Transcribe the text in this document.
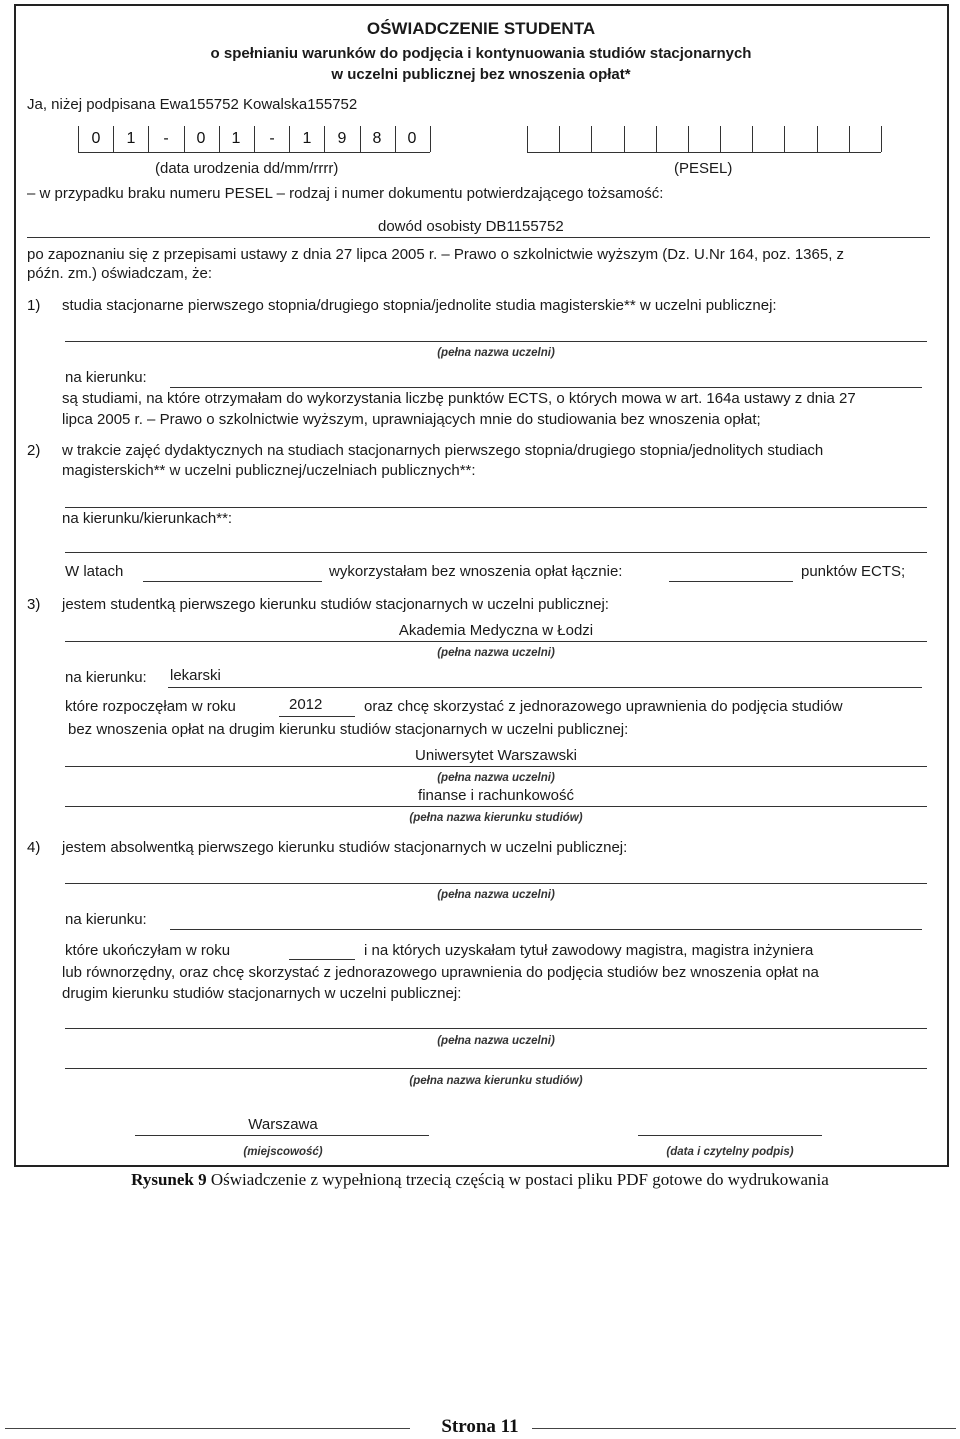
OŚWIADCZENIE STUDENTA
o spełnianiu warunków do podjęcia i kontynuowania studiów stacjonarnych
w uczelni publicznej bez wnoszenia opłat*
Ja, niżej podpisana Ewa155752 Kowalska155752
0	1	-	0	1	-	1	9	8	0
(data urodzenia dd/mm/rrrr)	(PESEL)
– w przypadku braku numeru PESEL – rodzaj i numer dokumentu potwierdzającego tożsamość:
dowód osobisty DB1155752
po zapoznaniu się z przepisami ustawy z dnia 27 lipca 2005 r. – Prawo o szkolnictwie wyższym (Dz. U.Nr 164, poz. 1365, z
późn. zm.) oświadczam, że:
1) studia stacjonarne pierwszego stopnia/drugiego stopnia/jednolite studia magisterskie** w uczelni publicznej:
(pełna nazwa uczelni)
na kierunku:
są studiami, na które otrzymałam do wykorzystania liczbę punktów ECTS, o których mowa w art. 164a ustawy z dnia 27
lipca 2005 r. – Prawo o szkolnictwie wyższym, uprawniających mnie do studiowania bez wnoszenia opłat;
2) w trakcie zajęć dydaktycznych na studiach stacjonarnych pierwszego stopnia/drugiego stopnia/jednolitych studiach
magisterskich** w uczelni publicznej/uczelniach publicznych**:
na kierunku/kierunkach**:
W latach	wykorzystałam bez wnoszenia opłat łącznie:	punktów ECTS;
3) jestem studentką pierwszego kierunku studiów stacjonarnych w uczelni publicznej:
Akademia Medyczna w Łodzi
(pełna nazwa uczelni)
na kierunku: lekarski
które rozpoczęłam w roku	2012	oraz chcę skorzystać z jednorazowego uprawnienia do podjęcia studiów
bez wnoszenia opłat na drugim kierunku studiów stacjonarnych w uczelni publicznej:
Uniwersytet Warszawski
(pełna nazwa uczelni)
finanse i rachunkowość
(pełna nazwa kierunku studiów)
4) jestem absolwentką pierwszego kierunku studiów stacjonarnych w uczelni publicznej:
(pełna nazwa uczelni)
na kierunku:
które ukończyłam w roku	i na których uzyskałam tytuł zawodowy magistra, magistra inżyniera
lub równorzędny, oraz chcę skorzystać z jednorazowego uprawnienia do podjęcia studiów bez wnoszenia opłat na
drugim kierunku studiów stacjonarnych w uczelni publicznej:
(pełna nazwa uczelni)
(pełna nazwa kierunku studiów)
Warszawa
(miejscowość)	(data i czytelny podpis)
Rysunek 9 Oświadczenie z wypełnioną trzecią częścią w postaci pliku PDF gotowe do wydrukowania
Strona 11
